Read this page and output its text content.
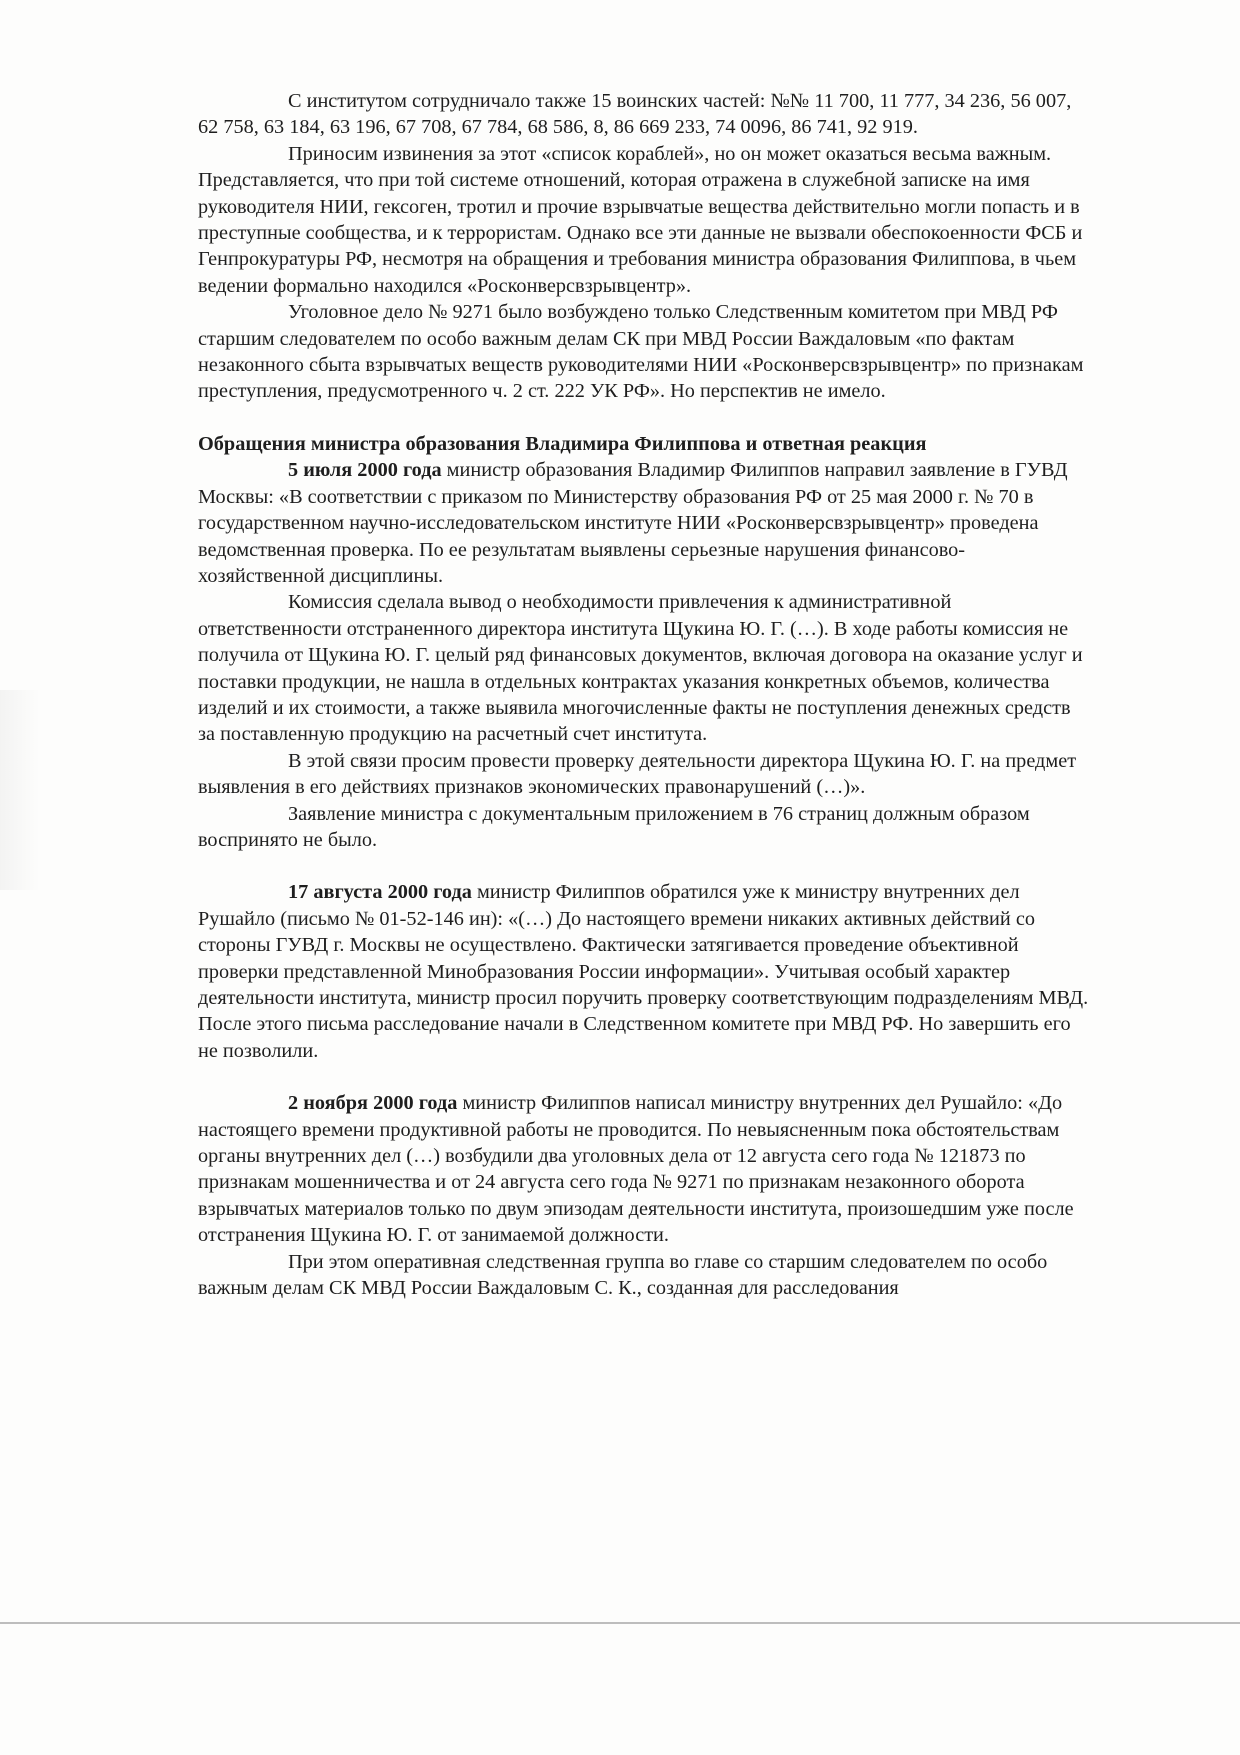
С институтом сотрудничало также 15 воинских частей: №№ 11 700, 11 777, 34 236, 56 007, 62 758, 63 184, 63 196, 67 708, 67 784, 68 586, 8, 86 669 233, 74 0096, 86 741, 92 919.

Приносим извинения за этот «список кораблей», но он может оказаться весьма важным. Представляется, что при той системе отношений, которая отражена в служебной записке на имя руководителя НИИ, гексоген, тротил и прочие взрывчатые вещества действительно могли попасть и в преступные сообщества, и к террористам. Однако все эти данные не вызвали обеспокоенности ФСБ и Генпрокуратуры РФ, несмотря на обращения и требования министра образования Филиппова, в чьем ведении формально находился «Росконверсвзрывцентр».

Уголовное дело № 9271 было возбуждено только Следственным комитетом при МВД РФ старшим следователем по особо важным делам СК при МВД России Важдаловым «по фактам незаконного сбыта взрывчатых веществ руководителями НИИ «Росконверсвзрывцентр» по признакам преступления, предусмотренного ч. 2 ст. 222 УК РФ». Но перспектив не имело.

Обращения министра образования Владимира Филиппова и ответная реакция

5 июля 2000 года министр образования Владимир Филиппов направил заявление в ГУВД Москвы: «В соответствии с приказом по Министерству образования РФ от 25 мая 2000 г. № 70 в государственном научно-исследовательском институте НИИ «Росконверсвзрывцентр» проведена ведомственная проверка. По ее результатам выявлены серьезные нарушения финансово-хозяйственной дисциплины.

Комиссия сделала вывод о необходимости привлечения к административной ответственности отстраненного директора института Щукина Ю. Г. (…). В ходе работы комиссия не получила от Щукина Ю. Г. целый ряд финансовых документов, включая договора на оказание услуг и поставки продукции, не нашла в отдельных контрактах указания конкретных объемов, количества изделий и их стоимости, а также выявила многочисленные факты не поступления денежных средств за поставленную продукцию на расчетный счет института.

В этой связи просим провести проверку деятельности директора Щукина Ю. Г. на предмет выявления в его действиях признаков экономических правонарушений (…)».

Заявление министра с документальным приложением в 76 страниц должным образом воспринято не было.

17 августа 2000 года министр Филиппов обратился уже к министру внутренних дел Рушайло (письмо № 01-52-146 ин): «(…) До настоящего времени никаких активных действий со стороны ГУВД г. Москвы не осуществлено. Фактически затягивается проведение объективной проверки представленной Минобразования России информации». Учитывая особый характер деятельности института, министр просил поручить проверку соответствующим подразделениям МВД. После этого письма расследование начали в Следственном комитете при МВД РФ. Но завершить его не позволили.

2 ноября 2000 года министр Филиппов написал министру внутренних дел Рушайло: «До настоящего времени продуктивной работы не проводится. По невыясненным пока обстоятельствам органы внутренних дел (…) возбудили два уголовных дела от 12 августа сего года № 121873 по признакам мошенничества и от 24 августа сего года № 9271 по признакам незаконного оборота взрывчатых материалов только по двум эпизодам деятельности института, произошедшим уже после отстранения Щукина Ю. Г. от занимаемой должности.

При этом оперативная следственная группа во главе со старшим следователем по особо важным делам СК МВД России Важдаловым С. К., созданная для расследования
